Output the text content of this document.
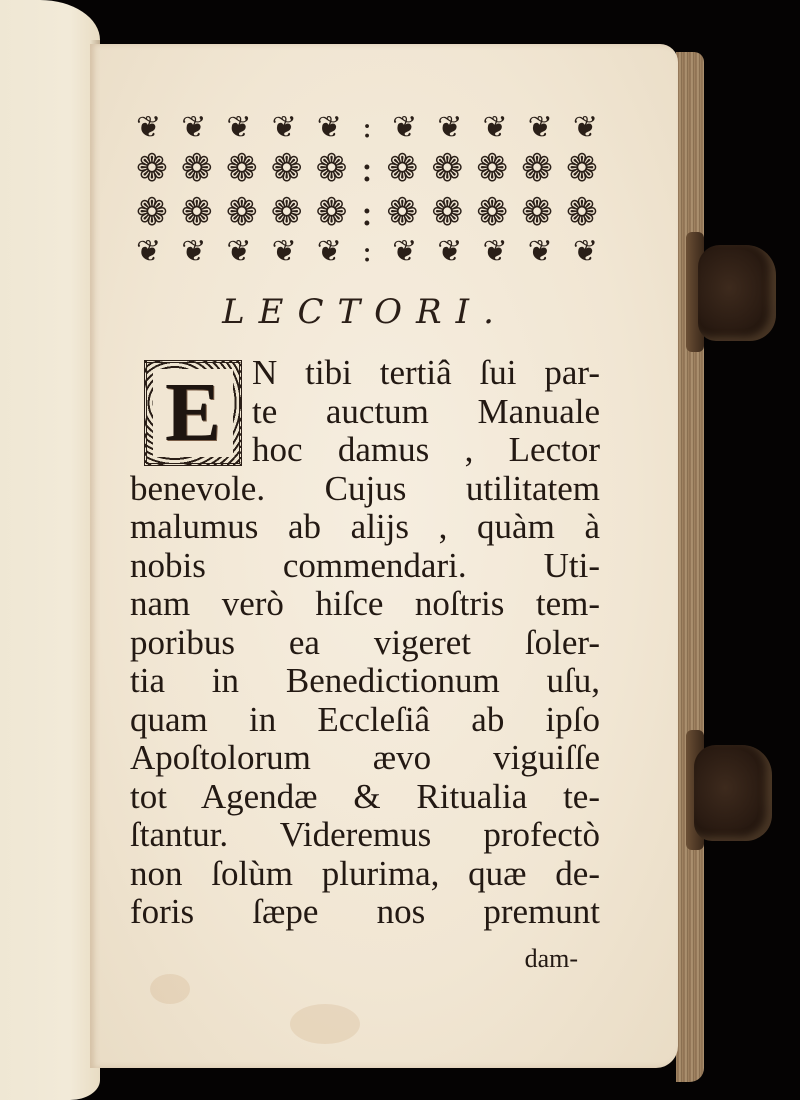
❦ ❦ ❦ ❦ ❦ : ❦ ❦ ❦ ❦ ❦
❁ ❁ ❁ ❁ ❁ : ❁ ❁ ❁ ❁ ❁
❁ ❁ ❁ ❁ ❁ : ❁ ❁ ❁ ❁ ❁
❦ ❦ ❦ ❦ ❦ : ❦ ❦ ❦ ❦ ❦
LECTORI.
E N tibi tertiâ ſui par-
te auctum Manuale
hoc damus , Lector
benevole. Cujus utilitatem
malumus ab alijs , quàm à
nobis commendari. Uti-
nam verò hiſce noſtris tem-
poribus ea vigeret ſoler-
tia in Benedictionum uſu,
quam in Eccleſiâ ab ipſo
Apoſtolorum ævo viguiſſe
tot Agendæ & Ritualia te-
ſtantur. Videremus profectò
non ſolùm plurima, quæ de-
foris ſæpe nos premunt
dam-
